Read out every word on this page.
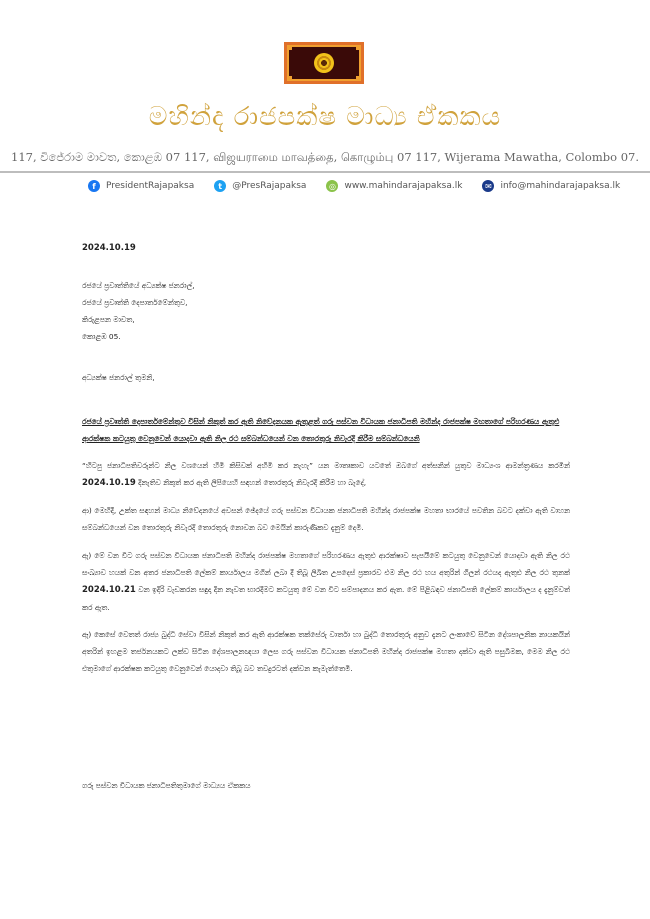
මහින්ද රාජපක්ෂ මාධ්‍ය ඒකකය
117, විජේරාම මාවත, කොළඹ 07 117, விஜயராமை மாவத்தை, கொழும்பு 07 117, Wijerama Mawatha, Colombo 07.
f	PresidentRajapaksa	t	@PresRajapaksa	◎ www.mahindarajapaksa.lk	✉ info@mahindarajapaksa.lk
2024.10.19
රජයේ ප්‍රවෘත්තියේ අධ්‍යක්ෂ ජනරාල්,
රජයේ ප්‍රවෘත්ති දෙපාර්තමේන්තුව,
කිරුළපන මාවත,
කොළඹ 05.
අධ්‍යක්ෂ ජනරාල් තුමනි,
රජයේ ප්‍රවෘත්ති දෙපාර්තමේන්තුව විසින් නිකුත් කර ඇති නිවේදනයක ඇතුළත් ගරු පස්වන විධායක ජනාධිපති මහින්ද රාජපක්ෂ මහතාගේ පරිහරණය ඇතුළු ආරක්ෂක කටයුතු වෙනුවෙන් යොදවා ඇති නිල රථ සම්බන්ධයෙන් වන තොරතුරු නිවැරදි කිරීම සම්බන්ධයෙනි
“හිටපු ජනාධිපතිවරුන්ට නිල වශයෙන් හිමි කිසිවක් අහිමි කර නැහැ” යන මාතෘකාව යටතේ ඔබගේ අත්සනින් යුතුව මාධ්‍යංශ ආමන්ත්‍රණය කරමින් 2024.10.19 දිනැතිව නිකුත් කර ඇති ලිපියෙහි සඳහන් තොරතුරු නිවැරදි කිරීම හා බැදේ,
ආ) මෙහිදී, උක්ත සඳහන් මාධ්‍ය නිවේදනයේ අවසන් ඡේදයේ ගරු පස්වන විධායක ජනාධිපති මහින්ද රාජපක්ෂ මහතා භාරයේ පවතින බවට දක්වා ඇති වාහන සම්බන්ධයෙන් වන තොරතුරු නිවැරදි තොරතුරු නොවන බව මෙයින් කාරුණිකව දැනුම් දෙමි.
ඇ) මේ වන විට ගරු පස්වන විධායක ජනාධිපති මහින්ද රාජපක්ෂ මහතාගේ පරිහරණය ඇතුළු ආරක්ෂාව සැපයීමේ කටයුතු වෙනුවෙන් යොදවා ඇති නිල රථ සංඛ්‍යාව හයක් වන අතර ජනාධිපති ලේකම් කාර්යාලය මගින් ලබා දී තිබූ ලිඛිත උපදෙස් ප්‍රකාරව එම නිල රථ හය අතුරින් ගිලන් රථයද ඇතුළු නිල රථ තුනක් 2024.10.21 වන ඉදිරි වැඩකරන සඳුදා දින නැවත භාරදීමට කටයුතු මේ වන විට සම්පාදනය කර ඇත. මේ පිළිබඳව ජනාධිපති ලේකම් කාර්යාලය ද දැනුම්වත් කර ඇත.
ඈ) කෙසේ වෙතත් රාජ්‍ය බුද්ධි සේවා විසින් නිකුත් කර ඇති ආරක්ෂක තක්සේරු වාර්තා හා බුද්ධි තොරතුරු අනුව දැනට ලංකාවේ සිටින දේශපාලනික නායකයින් අතරින් ඉහළම තර්ජනයකට ලක්ව සිටින දේශපාලනඥයා ලෙස ගරු පස්වන විධායක ජනාධිපති මහින්ද රාජපක්ෂ මහතා දක්වා ඇති පසුබිමක, මෙම නිල රථ එතුමාගේ ආරක්ෂක කටයුතු වෙනුවෙන් යොදවා තිබූ බව තවදුරටත් දක්වන කැමැත්තෙමි.
ගරු පස්වන විධායක ජනාධිපතිතුමාගේ මාධ්‍යය ඒකකය
